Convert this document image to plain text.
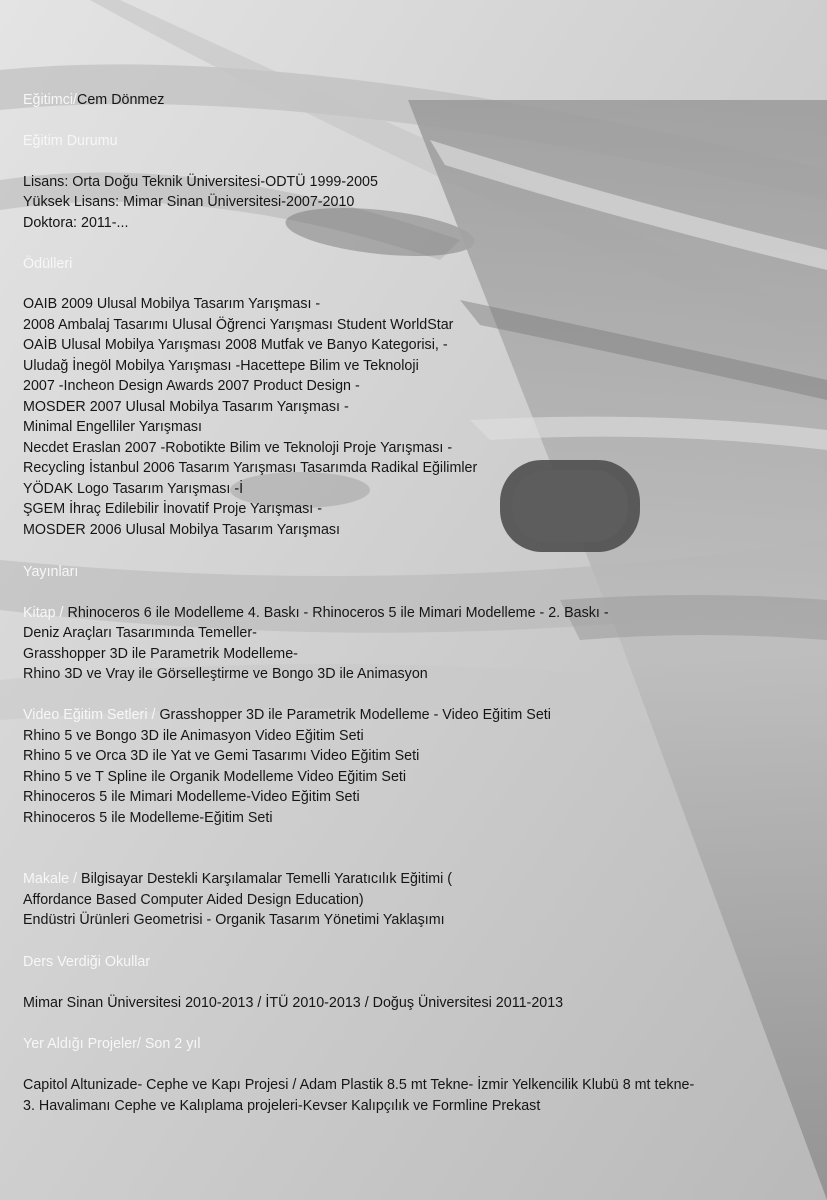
Eğitimci/Cem Dönmez
Eğitim Durumu
Lisans: Orta Doğu Teknik Üniversitesi-ODTÜ 1999-2005
Yüksek Lisans: Mimar Sinan Üniversitesi-2007-2010
Doktora: 2011-...
Ödülleri
OAIB 2009 Ulusal Mobilya Tasarım Yarışması -
2008 Ambalaj Tasarımı Ulusal Öğrenci Yarışması Student WorldStar
OAİB Ulusal Mobilya Yarışması 2008 Mutfak ve Banyo Kategorisi, -
Uludağ İnegöl Mobilya Yarışması -Hacettepe Bilim ve Teknoloji
2007 -Incheon Design Awards 2007 Product Design -
MOSDER 2007 Ulusal Mobilya Tasarım Yarışması -
Minimal Engelliler Yarışması
Necdet Eraslan 2007 -Robotikte Bilim ve Teknoloji Proje Yarışması -
Recycling İstanbul 2006 Tasarım Yarışması Tasarımda Radikal Eğilimler
YÖDAK Logo Tasarım Yarışması -İ
ŞGEM İhraç Edilebilir İnovatif Proje Yarışması -
MOSDER 2006 Ulusal Mobilya Tasarım Yarışması
Yayınları
Kitap / Rhinoceros 6 ile Modelleme 4. Baskı - Rhinoceros 5 ile Mimari Modelleme - 2. Baskı -
Deniz Araçları Tasarımında Temeller-
Grasshopper 3D ile Parametrik Modelleme-
Rhino 3D ve Vray ile Görselleştirme ve Bongo 3D ile Animasyon
Video Eğitim Setleri / Grasshopper 3D ile Parametrik Modelleme - Video Eğitim Seti
Rhino 5 ve Bongo 3D ile Animasyon Video Eğitim Seti
Rhino 5 ve Orca 3D ile Yat ve Gemi Tasarımı Video Eğitim Seti
Rhino 5 ve T Spline ile Organik Modelleme Video Eğitim Seti
Rhinoceros 5 ile Mimari Modelleme-Video Eğitim Seti
Rhinoceros 5 ile Modelleme-Eğitim Seti
Makale / Bilgisayar Destekli Karşılamalar Temelli Yaratıcılık Eğitimi (
Affordance Based Computer Aided Design Education)
Endüstri Ürünleri Geometrisi - Organik Tasarım Yönetimi Yaklaşımı
Ders Verdiği Okullar
Mimar Sinan Üniversitesi 2010-2013 / İTÜ 2010-2013 / Doğuş Üniversitesi 2011-2013
Yer Aldığı Projeler/ Son 2 yıl
Capitol Altunizade- Cephe ve Kapı Projesi / Adam Plastik 8.5 mt Tekne- İzmir Yelkencilik Klubü 8 mt tekne-
3. Havalimanı Cephe ve Kalıplama projeleri-Kevser Kalıpçılık ve Formline Prekast
